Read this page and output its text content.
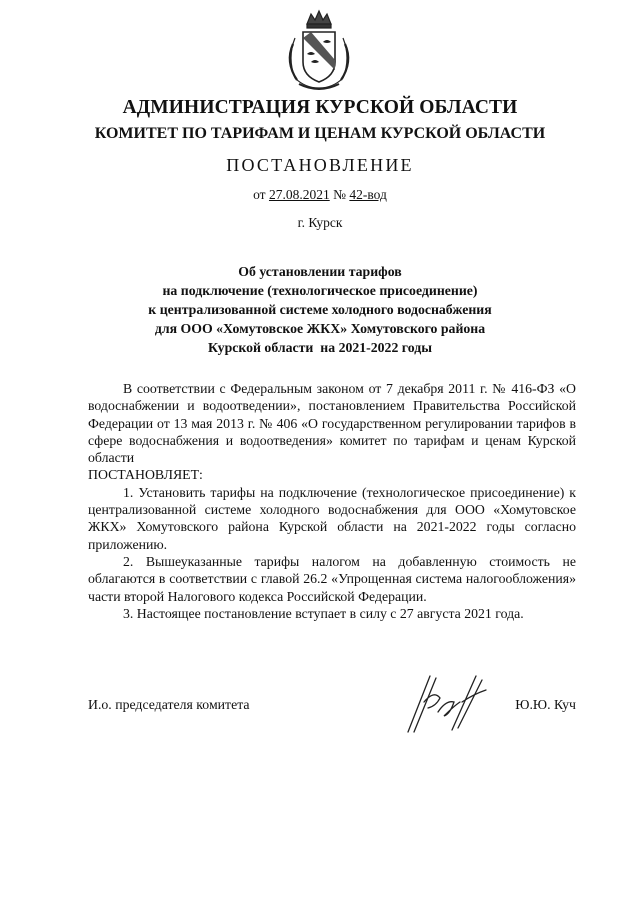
АДМИНИСТРАЦИЯ КУРСКОЙ ОБЛАСТИ
КОМИТЕТ ПО ТАРИФАМ И ЦЕНАМ КУРСКОЙ ОБЛАСТИ
ПОСТАНОВЛЕНИЕ
от 27.08.2021 № 42-вод
г. Курск
Об установлении тарифов
на подключение (технологическое присоединение)
к централизованной системе холодного водоснабжения
для ООО «Хомутовское ЖКХ» Хомутовского района
Курской области  на 2021-2022 годы

В соответствии с Федеральным законом от 7 декабря 2011 г. № 416-ФЗ «О водоснабжении и водоотведении», постановлением Правительства Российской Федерации от 13 мая 2013 г. № 406 «О государственном регулировании тарифов в сфере водоснабжения и водоотведения» комитет по тарифам и ценам Курской области

ПОСТАНОВЛЯЕТ:

1. Установить тарифы на подключение (технологическое присоединение) к централизованной системе холодного водоснабжения для ООО «Хомутовское ЖКХ» Хомутовского района Курской области на 2021-2022 годы согласно приложению.

2. Вышеуказанные тарифы налогом на добавленную стоимость не облагаются в соответствии с главой 26.2 «Упрощенная система налогообложения» части второй Налогового кодекса Российской Федерации.

3. Настоящее постановление вступает в силу с 27 августа 2021 года.

И.о. председателя комитета	Ю.Ю. Куч
